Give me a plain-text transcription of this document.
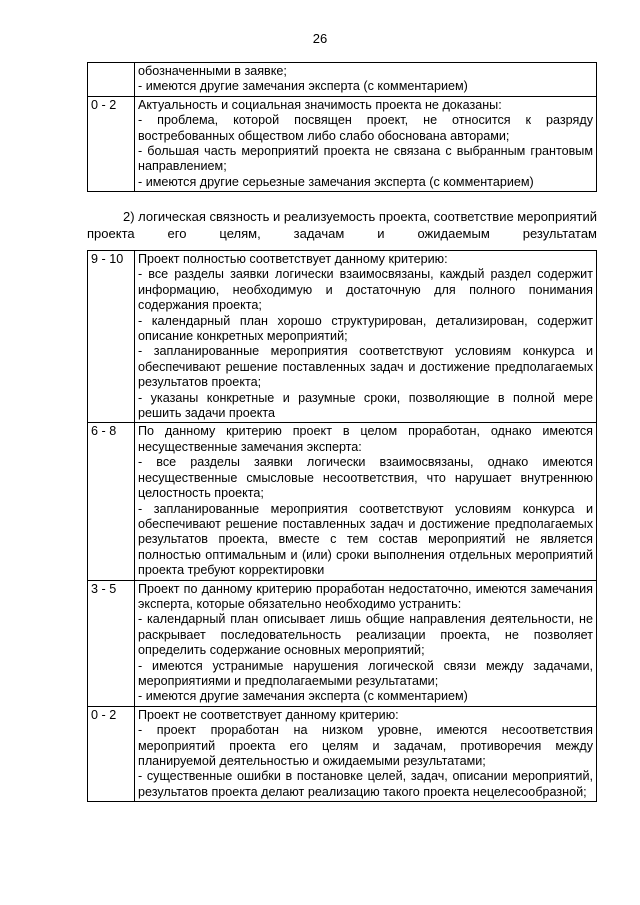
26

	обозначенными в заявке;
- имеются другие замечания эксперта (с комментарием)

0 - 2	Актуальность и социальная значимость проекта не доказаны:
- проблема, которой посвящен проект, не относится к разряду востребованных обществом либо слабо обоснована авторами;
- большая часть мероприятий проекта не связана с выбранным грантовым направлением;
- имеются другие серьезные замечания эксперта (с комментарием)
2) логическая связность и реализуемость проекта, соответствие мероприятий проекта его целям, задачам и ожидаемым результатам
9 - 10	Проект полностью соответствует данному критерию:
- все разделы заявки логически взаимосвязаны, каждый раздел содержит информацию, необходимую и достаточную для полного понимания содержания проекта;
- календарный план хорошо структурирован, детализирован, содержит описание конкретных мероприятий;
- запланированные мероприятия соответствуют условиям конкурса и обеспечивают решение поставленных задач и достижение предполагаемых результатов проекта;
- указаны конкретные и разумные сроки, позволяющие в полной мере решить задачи проекта

6 - 8	По данному критерию проект в целом проработан, однако имеются несущественные замечания эксперта:
- все разделы заявки логически взаимосвязаны, однако имеются несущественные смысловые несоответствия, что нарушает внутреннюю целостность проекта;
- запланированные мероприятия соответствуют условиям конкурса и обеспечивают решение поставленных задач и достижение предполагаемых результатов проекта, вместе с тем состав мероприятий не является полностью оптимальным и (или) сроки выполнения отдельных мероприятий проекта требуют корректировки

3 - 5	Проект по данному критерию проработан недостаточно, имеются замечания эксперта, которые обязательно необходимо устранить:
- календарный план описывает лишь общие направления деятельности, не раскрывает последовательность реализации проекта, не позволяет определить содержание основных мероприятий;
- имеются устранимые нарушения логической связи между задачами, мероприятиями и предполагаемыми результатами;
- имеются другие замечания эксперта (с комментарием)

0 - 2	Проект не соответствует данному критерию:
- проект проработан на низком уровне, имеются несоответствия мероприятий проекта его целям и задачам, противоречия между планируемой деятельностью и ожидаемыми результатами;
- существенные ошибки в постановке целей, задач, описании мероприятий, результатов проекта делают реализацию такого проекта нецелесообразной;
